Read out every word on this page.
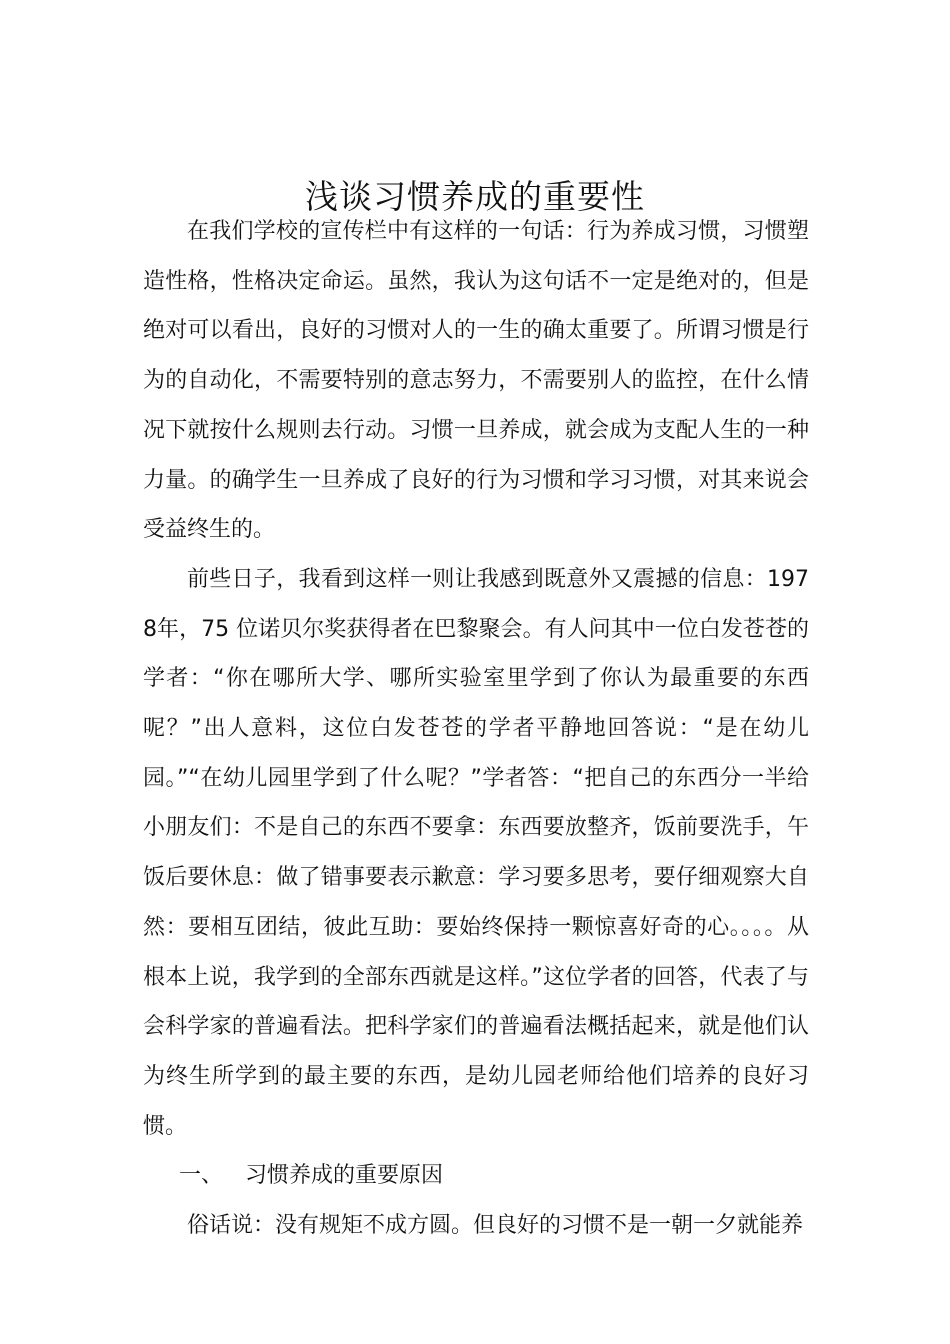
浅谈习惯养成的重要性

在我们学校的宣传栏中有这样的一句话：行为养成习惯，习惯塑造性格，性格决定命运。虽然，我认为这句话不一定是绝对的，但是绝对可以看出，良好的习惯对人的一生的确太重要了。所谓习惯是行为的自动化，不需要特别的意志努力，不需要别人的监控，在什么情况下就按什么规则去行动。习惯一旦养成，就会成为支配人生的一种力量。的确学生一旦养成了良好的行为习惯和学习习惯，对其来说会受益终生的。

前些日子，我看到这样一则让我感到既意外又震撼的信息：1978年，75 位诺贝尔奖获得者在巴黎聚会。有人问其中一位白发苍苍的学者：“你在哪所大学、哪所实验室里学到了你认为最重要的东西呢？”出人意料，这位白发苍苍的学者平静地回答说：“是在幼儿园。”“在幼儿园里学到了什么呢？”学者答：“把自己的东西分一半给小朋友们：不是自己的东西不要拿：东西要放整齐，饭前要洗手，午饭后要休息：做了错事要表示歉意：学习要多思考，要仔细观察大自然：要相互团结，彼此互助：要始终保持一颗惊喜好奇的心。。。。从根本上说，我学到的全部东西就是这样。”这位学者的回答，代表了与会科学家的普遍看法。把科学家们的普遍看法概括起来，就是他们认为终生所学到的最主要的东西，是幼儿园老师给他们培养的良好习惯。

一、 习惯养成的重要原因

俗话说：没有规矩不成方圆。但良好的习惯不是一朝一夕就能养
